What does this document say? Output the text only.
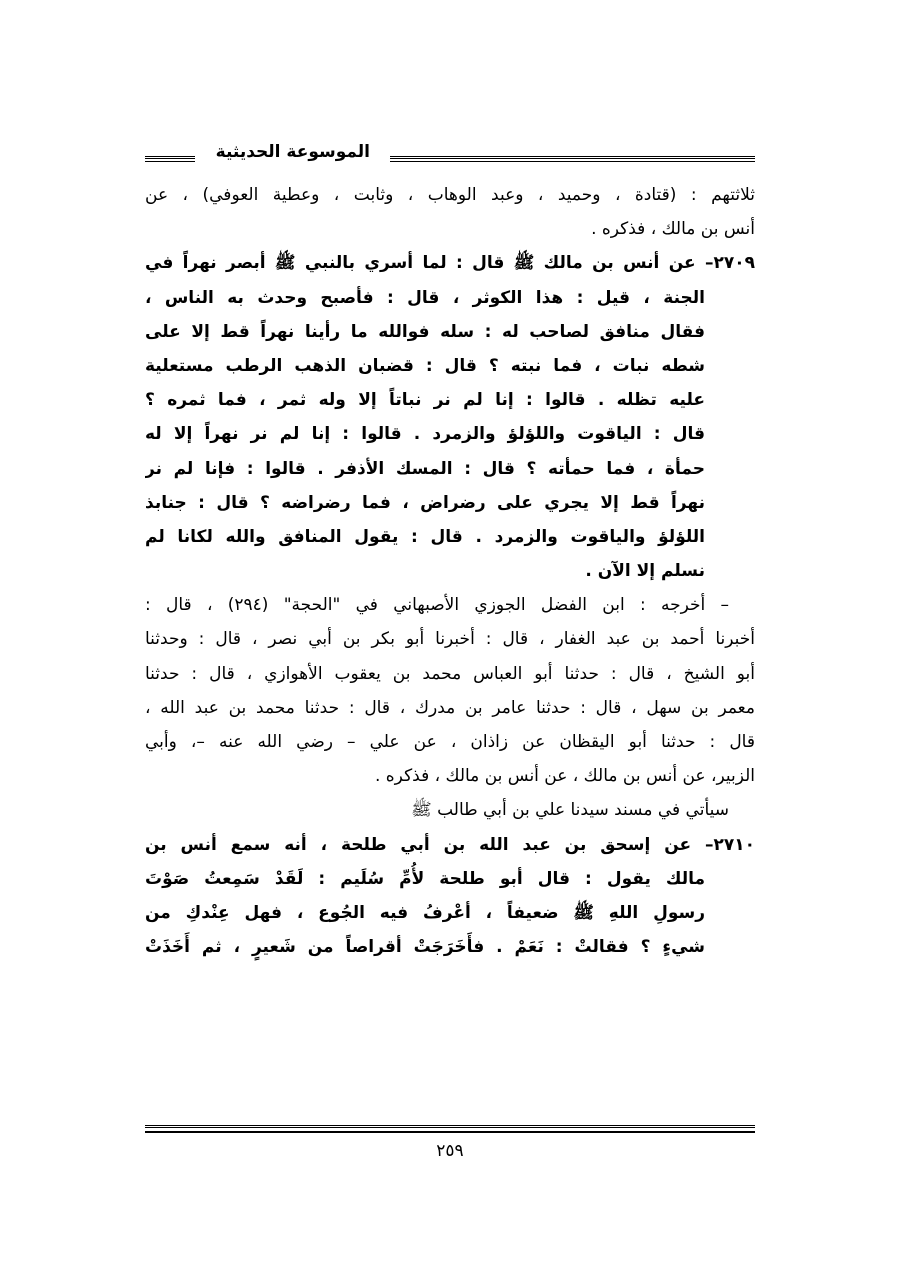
الموسوعة الحديثية
ثلاثتهم : (قتادة ، وحميد ، وعبد الوهاب ، وثابت ، وعطية العوفي) ، عن
أنس بن مالك ، فذكره .
٢٧٠٩– عن أنس بن مالك ﷺ قال : لما أسري بالنبي ﷺ أبصر نهراً في
الجنة ، قيل : هذا الكوثر ، قال : فأصبح وحدث به الناس ،
فقال منافق لصاحب له : سله فوالله ما رأينا نهراً قط إلا على
شطه نبات ، فما نبته ؟ قال : قضبان الذهب الرطب مستعلية
عليه تظله . قالوا : إنا لم نر نباتاً إلا وله ثمر ، فما ثمره ؟
قال : الياقوت واللؤلؤ والزمرد . قالوا : إنا لم نر نهراً إلا له
حمأة ، فما حمأته ؟ قال : المسك الأذفر . قالوا : فإنا لم نر
نهراً قط إلا يجري على رضراض ، فما رضراضه ؟ قال : جنابذ
اللؤلؤ والياقوت والزمرد . قال : يقول المنافق والله لكانا لم
نسلم إلا الآن .
– أخرجه : ابن الفضل الجوزي الأصبهاني في "الحجة" (٢٩٤) ، قال :
أخبرنا أحمد بن عبد الغفار ، قال : أخبرنا أبو بكر بن أبي نصر ، قال : وحدثنا
أبو الشيخ ، قال : حدثنا أبو العباس محمد بن يعقوب الأهوازي ، قال : حدثنا
معمر بن سهل ، قال : حدثنا عامر بن مدرك ، قال : حدثنا محمد بن عبد الله ،
قال : حدثنا أبو اليقظان عن زاذان ، عن علي – رضي الله عنه –، وأبي
الزبير، عن أنس بن مالك ، عن أنس بن مالك ، فذكره .
سيأتي في مسند سيدنا علي بن أبي طالب ﷺ
٢٧١٠– عن إسحق بن عبد الله بن أبي طلحة ، أنه سمع أنس بن
مالك يقول : قال أبو طلحة لأُمِّ سُلَيم : لَقَدْ سَمِعتُ صَوْتَ
رسولِ اللهِ ﷺ ضعيفاً ، أعْرفُ فيه الجُوع ، فهل عِنْدكِ من
شيءٍ ؟ فقالتْ : نَعَمْ . فأَخَرَجَتْ أقراصاً من شَعيرٍ ، ثم أَخَذَتْ
٢٥٩
